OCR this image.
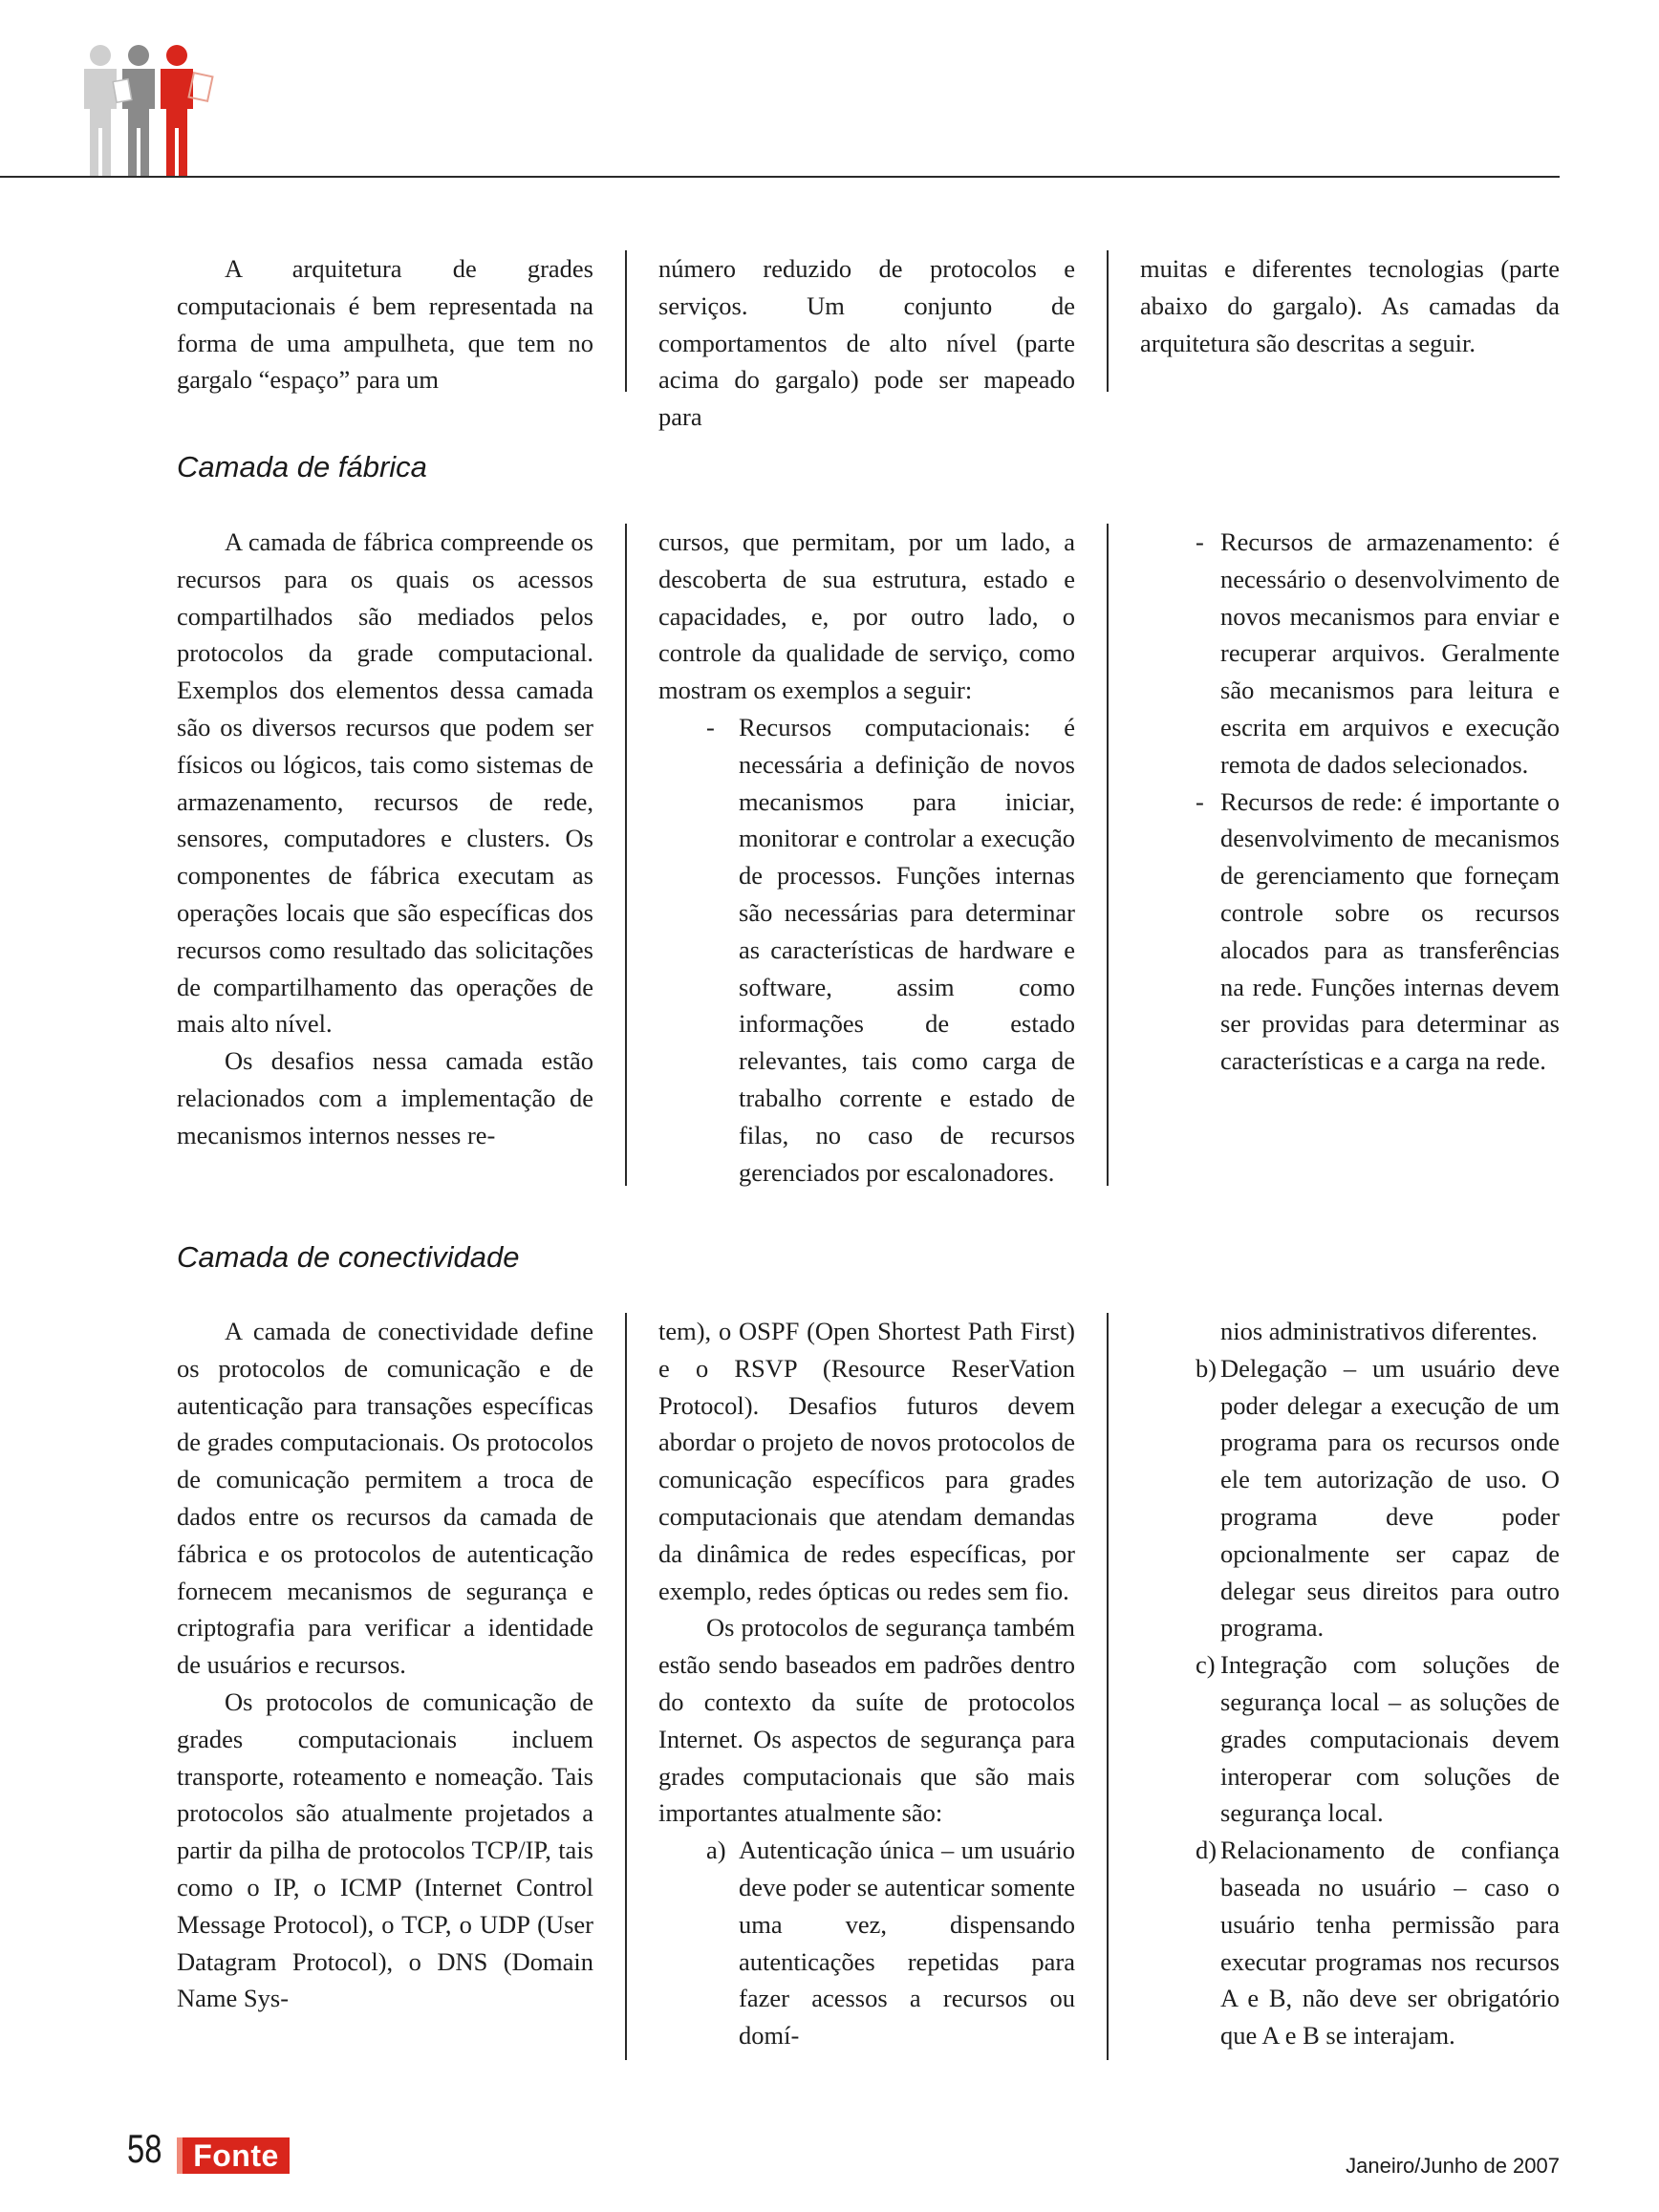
A arquitetura de grades computacionais é bem representada na forma de uma ampulheta, que tem no gargalo “espaço” para um

número reduzido de protocolos e serviços. Um conjunto de comportamentos de alto nível (parte acima do gargalo) pode ser mapeado para

muitas e diferentes tecnologias (parte abaixo do gargalo). As camadas da arquitetura são descritas a seguir.

Camada de fábrica

A camada de fábrica compreende os recursos para os quais os acessos compartilhados são mediados pelos protocolos da grade computacional. Exemplos dos elementos dessa camada são os diversos recursos que podem ser físicos ou lógicos, tais como sistemas de armazenamento, recursos de rede, sensores, computadores e clusters. Os componentes de fábrica executam as operações locais que são específicas dos recursos como resultado das solicitações de compartilhamento das operações de mais alto nível.

Os desafios nessa camada estão relacionados com a implementação de mecanismos internos nesses re-

cursos, que permitam, por um lado, a descoberta de sua estrutura, estado e capacidades, e, por outro lado, o controle da qualidade de serviço, como mostram os exemplos a seguir:

- Recursos computacionais: é necessária a definição de novos mecanismos para iniciar, monitorar e controlar a execução de processos. Funções internas são necessárias para determinar as características de hardware e software, assim como informações de estado relevantes, tais como carga de trabalho corrente e estado de filas, no caso de recursos gerenciados por escalonadores.
- Recursos de armazenamento: é necessário o desenvolvimento de novos mecanismos para enviar e recuperar arquivos. Geralmente são mecanismos para leitura e escrita em arquivos e execução remota de dados selecionados.
- Recursos de rede: é importante o desenvolvimento de mecanismos de gerenciamento que forneçam controle sobre os recursos alocados para as transferências na rede. Funções internas devem ser providas para determinar as características e a carga na rede.
Camada de conectividade

A camada de conectividade define os protocolos de comunicação e de autenticação para transações específicas de grades computacionais. Os protocolos de comunicação permitem a troca de dados entre os recursos da camada de fábrica e os protocolos de autenticação fornecem mecanismos de segurança e criptografia para verificar a identidade de usuários e recursos.

Os protocolos de comunicação de grades computacionais incluem transporte, roteamento e nomeação. Tais protocolos são atualmente projetados a partir da pilha de protocolos TCP/IP, tais como o IP, o ICMP (Internet Control Message Protocol), o TCP, o UDP (User Datagram Protocol), o DNS (Domain Name Sys-

tem), o OSPF (Open Shortest Path First) e o RSVP (Resource ReserVation Protocol). Desafios futuros devem abordar o projeto de novos protocolos de comunicação específicos para grades computacionais que atendam demandas da dinâmica de redes específicas, por exemplo, redes ópticas ou redes sem fio.

Os protocolos de segurança também estão sendo baseados em padrões dentro do contexto da suíte de protocolos Internet. Os aspectos de segurança para grades computacionais que são mais importantes atualmente são:

a) Autenticação única – um usuário deve poder se autenticar somente uma vez, dispensando autenticações repetidas para fazer acessos a recursos ou domí-
nios administrativos diferentes.
b) Delegação – um usuário deve poder delegar a execução de um programa para os recursos onde ele tem autorização de uso. O programa deve poder opcionalmente ser capaz de delegar seus direitos para outro programa.
c) Integração com soluções de segurança local – as soluções de grades computacionais devem interoperar com soluções de segurança local.
d) Relacionamento de confiança baseada no usuário – caso o usuário tenha permissão para executar programas nos recursos A e B, não deve ser obrigatório que A e B se interajam.
58	Fonte	Janeiro/Junho de 2007
